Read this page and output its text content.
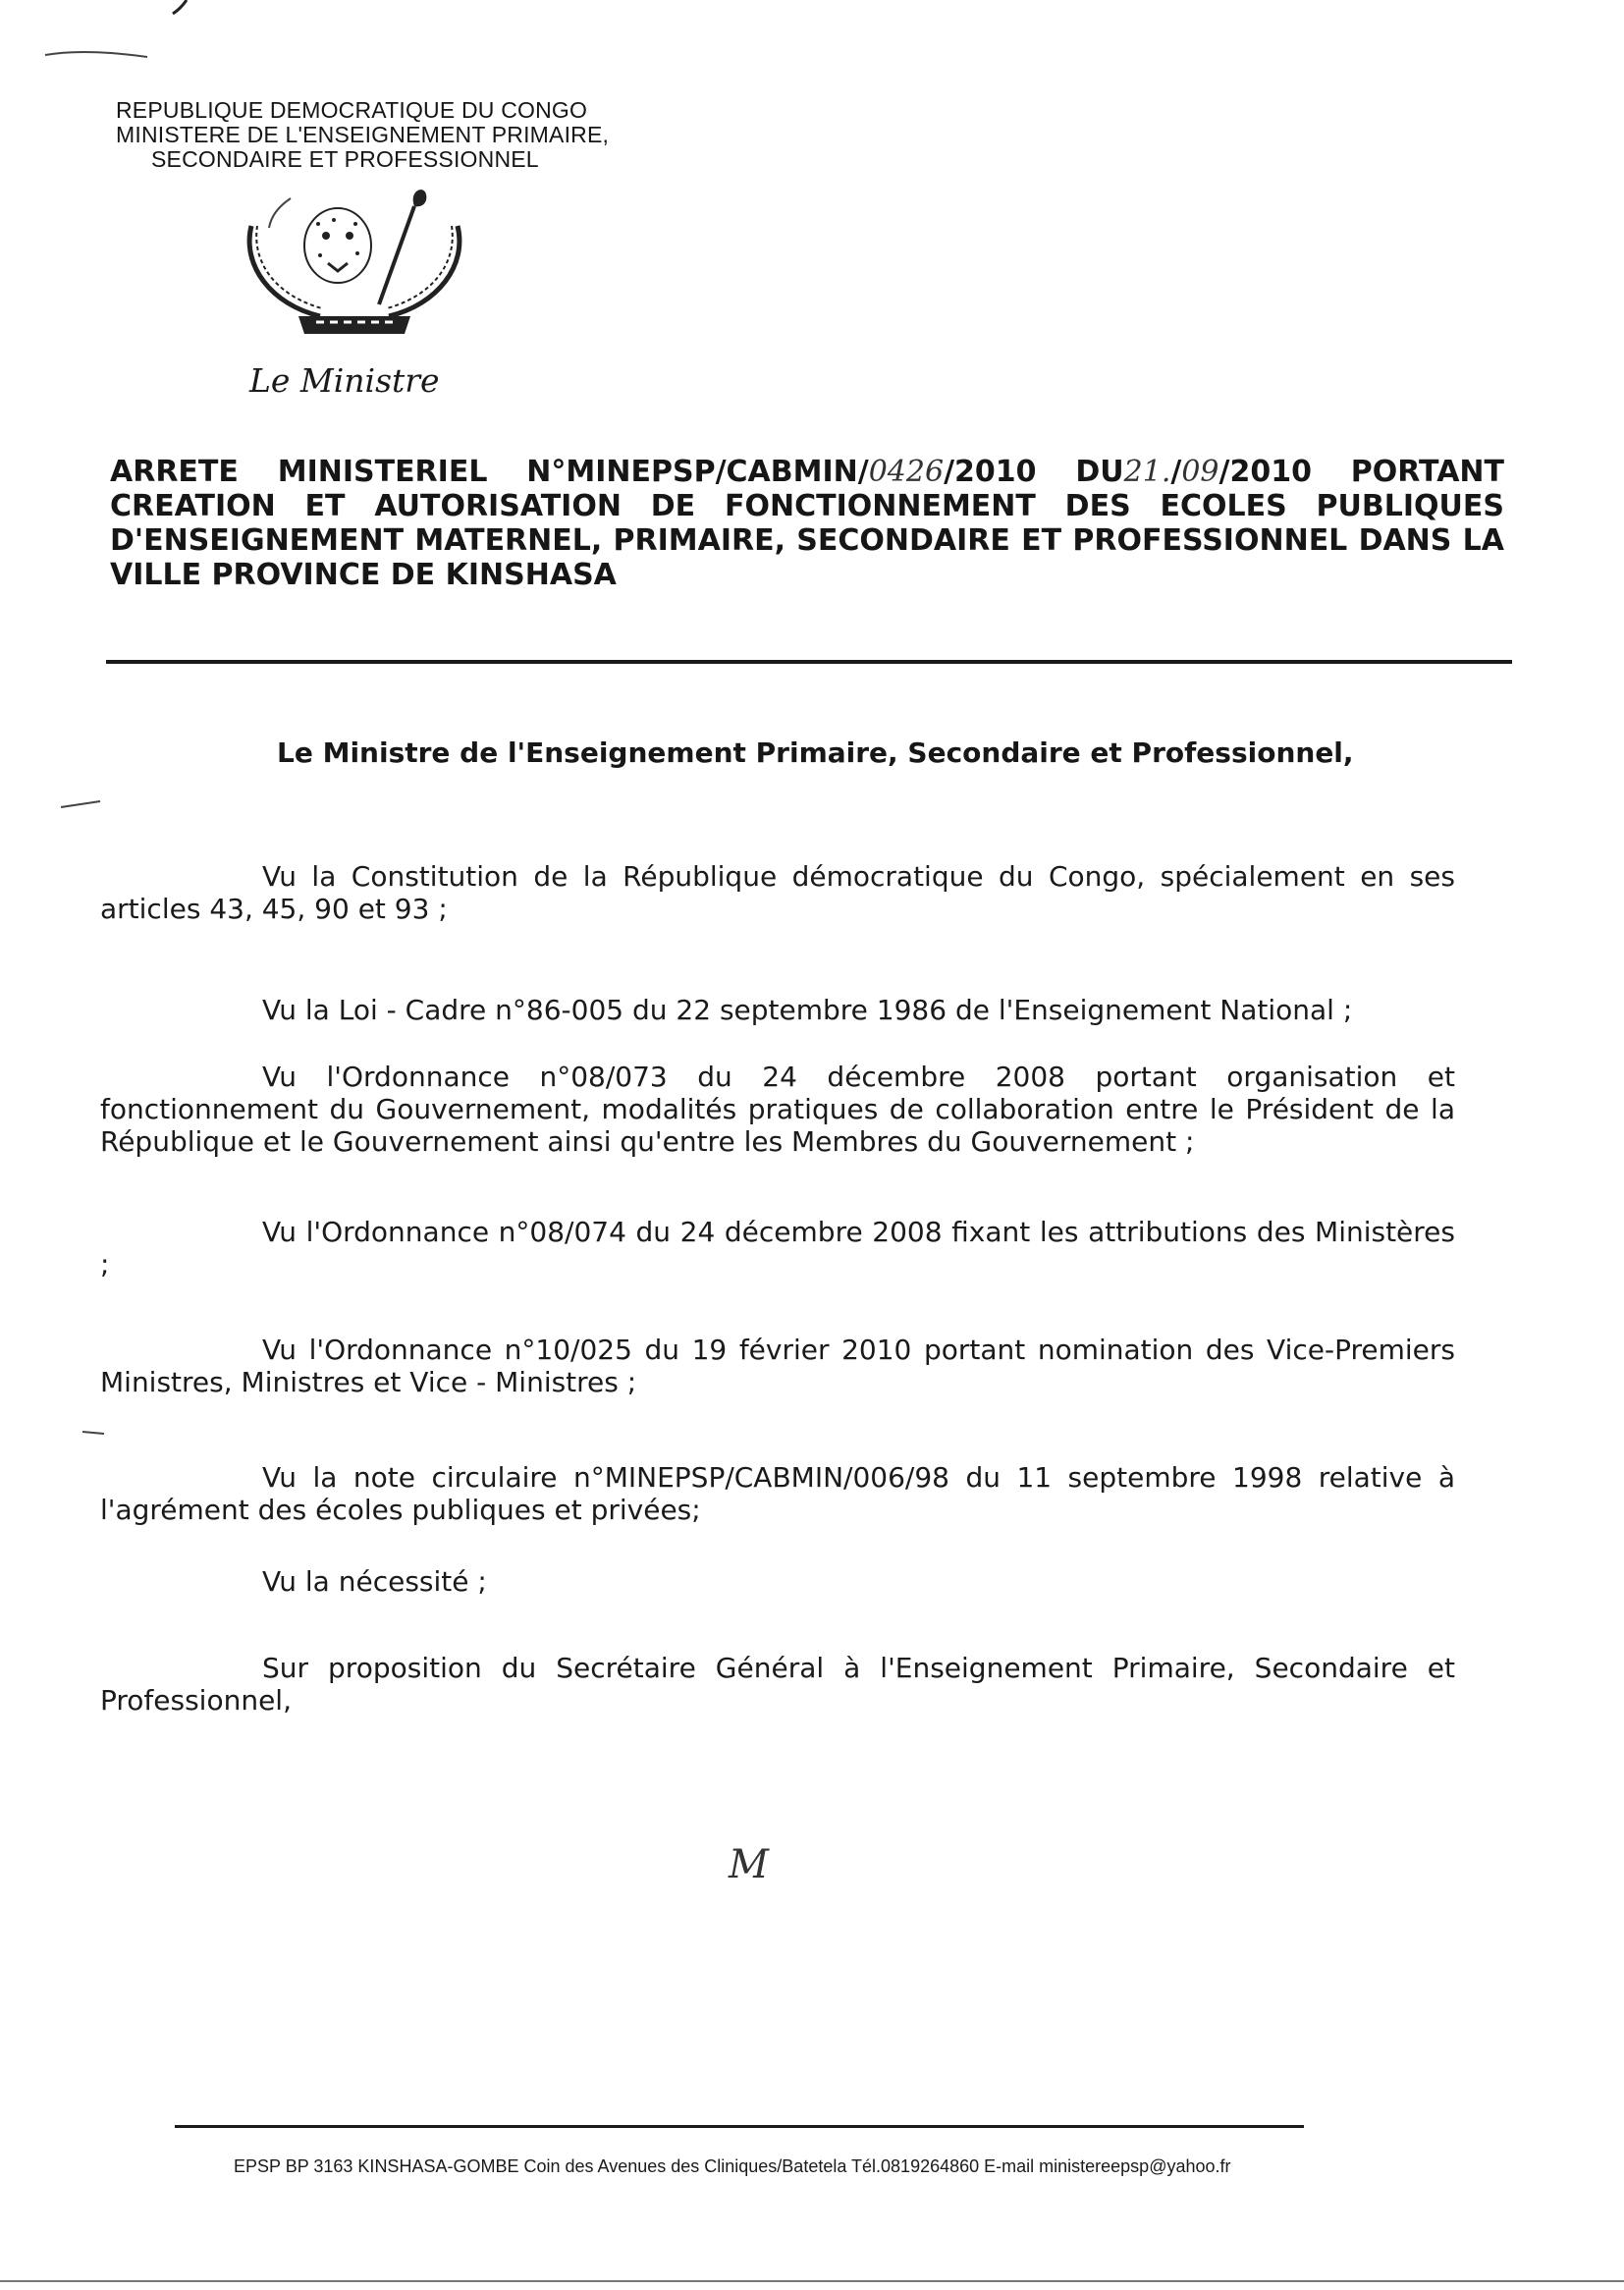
REPUBLIQUE DEMOCRATIQUE DU CONGO
MINISTERE DE L'ENSEIGNEMENT PRIMAIRE,
SECONDAIRE ET PROFESSIONNEL
Le Ministre
ARRETE MINISTERIEL N°MINEPSP/CABMIN/0426/2010 DU21./09/2010 PORTANT CREATION ET AUTORISATION DE FONCTIONNEMENT DES ECOLES PUBLIQUES D'ENSEIGNEMENT MATERNEL, PRIMAIRE, SECONDAIRE ET PROFESSIONNEL DANS LA VILLE PROVINCE DE KINSHASA
Le Ministre de l'Enseignement Primaire, Secondaire et Professionnel,
Vu la Constitution de la République démocratique du Congo, spécialement en ses articles 43, 45, 90 et 93 ;
Vu la Loi - Cadre n°86-005 du 22 septembre 1986 de l'Enseignement National ;
Vu l'Ordonnance n°08/073 du 24 décembre 2008 portant organisation et fonctionnement du Gouvernement, modalités pratiques de collaboration entre le Président de la République et le Gouvernement ainsi qu'entre les Membres du Gouvernement ;
Vu l'Ordonnance n°08/074 du 24 décembre 2008 fixant les attributions des Ministères ;
Vu l'Ordonnance n°10/025 du 19 février 2010 portant nomination des Vice-Premiers Ministres, Ministres et Vice - Ministres ;
Vu la note circulaire n°MINEPSP/CABMIN/006/98 du 11 septembre 1998 relative à l'agrément des écoles publiques et privées;
Vu la nécessité ;
Sur proposition du Secrétaire Général à l'Enseignement Primaire, Secondaire et Professionnel,
M
EPSP BP 3163 KINSHASA-GOMBE Coin des Avenues des Cliniques/Batetela Tél.0819264860 E-mail ministereepsp@yahoo.fr
